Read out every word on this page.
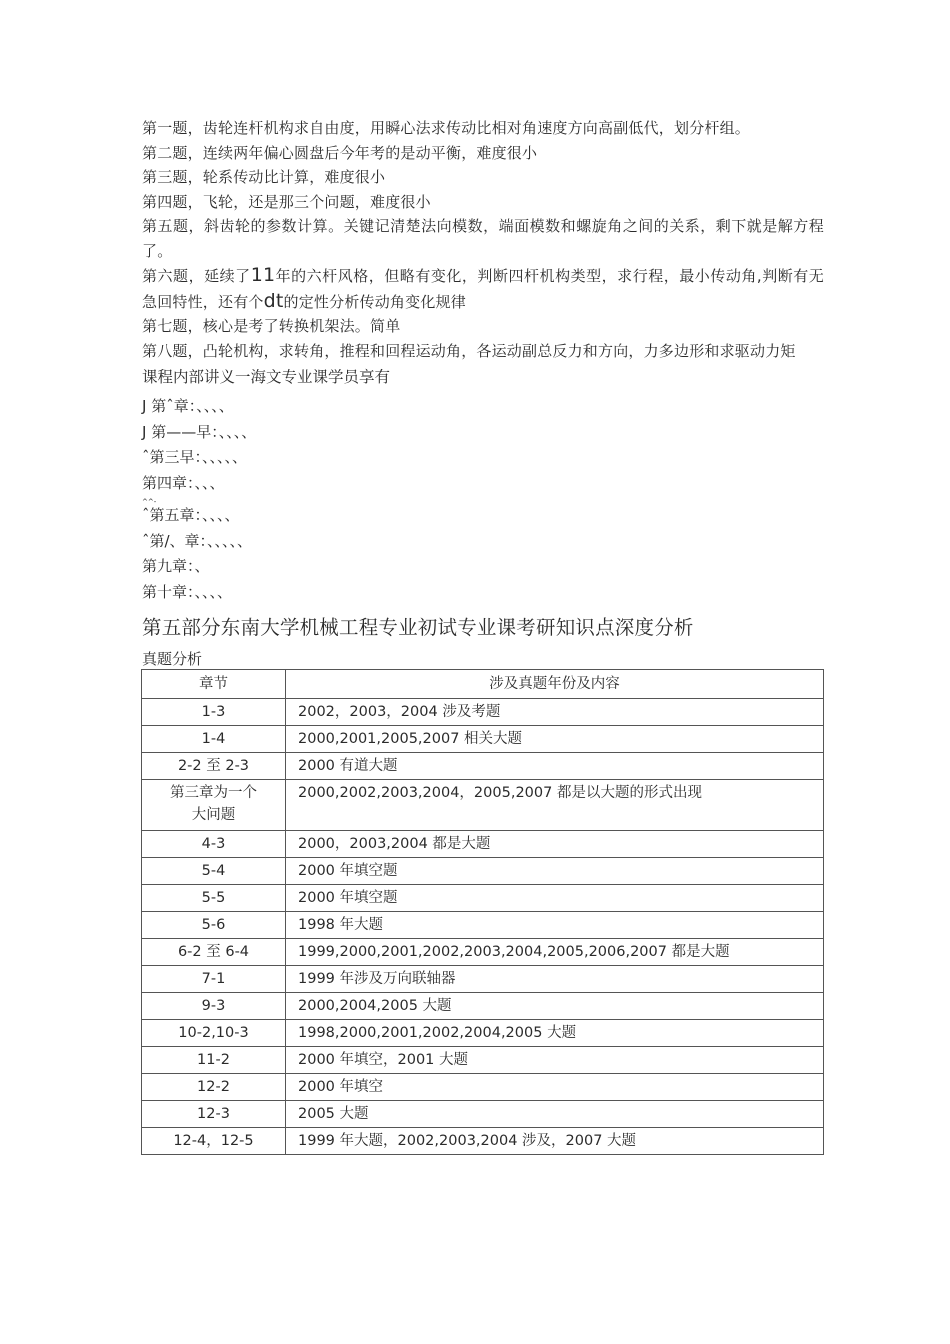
第一题，齿轮连杆机构求自由度，用瞬心法求传动比相对角速度方向高副低代，划分杆组。

第二题，连续两年偏心圆盘后今年考的是动平衡，难度很小

第三题，轮系传动比计算，难度很小

第四题，飞轮，还是那三个问题，难度很小

第五题，斜齿轮的参数计算。关键记清楚法向模数，端面模数和螺旋角之间的关系，剩下就是解方程了。

第六题，延续了11年的六杆风格，但略有变化，判断四杆机构类型，求行程，最小传动角,判断有无急回特性，还有个dt的定性分析传动角变化规律

第七题，核心是考了转换机架法。简单

第八题，凸轮机构，求转角，推程和回程运动角，各运动副总反力和方向，力多边形和求驱动力矩

课程内部讲义一海文专业课学员享有

J 第ˆ章：、、、、

J 第——早：、、、、

ˆ第三早：、、、、、

第四章：、、、

^^-

ˆ第五章：、、、、

ˆ第/、章：、、、、、

第九章：、

第十章：、、、、

第五部分东南大学机械工程专业初试专业课考研知识点深度分析

真题分析

章节	涉及真题年份及内容
1-3	2002，2003，2004 涉及考题
1-4	2000,2001,2005,2007 相关大题
2-2 至 2-3	2000 有道大题
第三章为一个大问题	2000,2002,2003,2004，2005,2007 都是以大题的形式出现
4-3	2000，2003,2004 都是大题
5-4	2000 年填空题
5-5	2000 年填空题
5-6	1998 年大题
6-2 至 6-4	1999,2000,2001,2002,2003,2004,2005,2006,2007 都是大题
7-1	1999 年涉及万向联轴器
9-3	2000,2004,2005 大题
10-2,10-3	1998,2000,2001,2002,2004,2005 大题
11-2	2000 年填空，2001 大题
12-2	2000 年填空
12-3	2005 大题
12-4，12-5	1999 年大题，2002,2003,2004 涉及，2007 大题
